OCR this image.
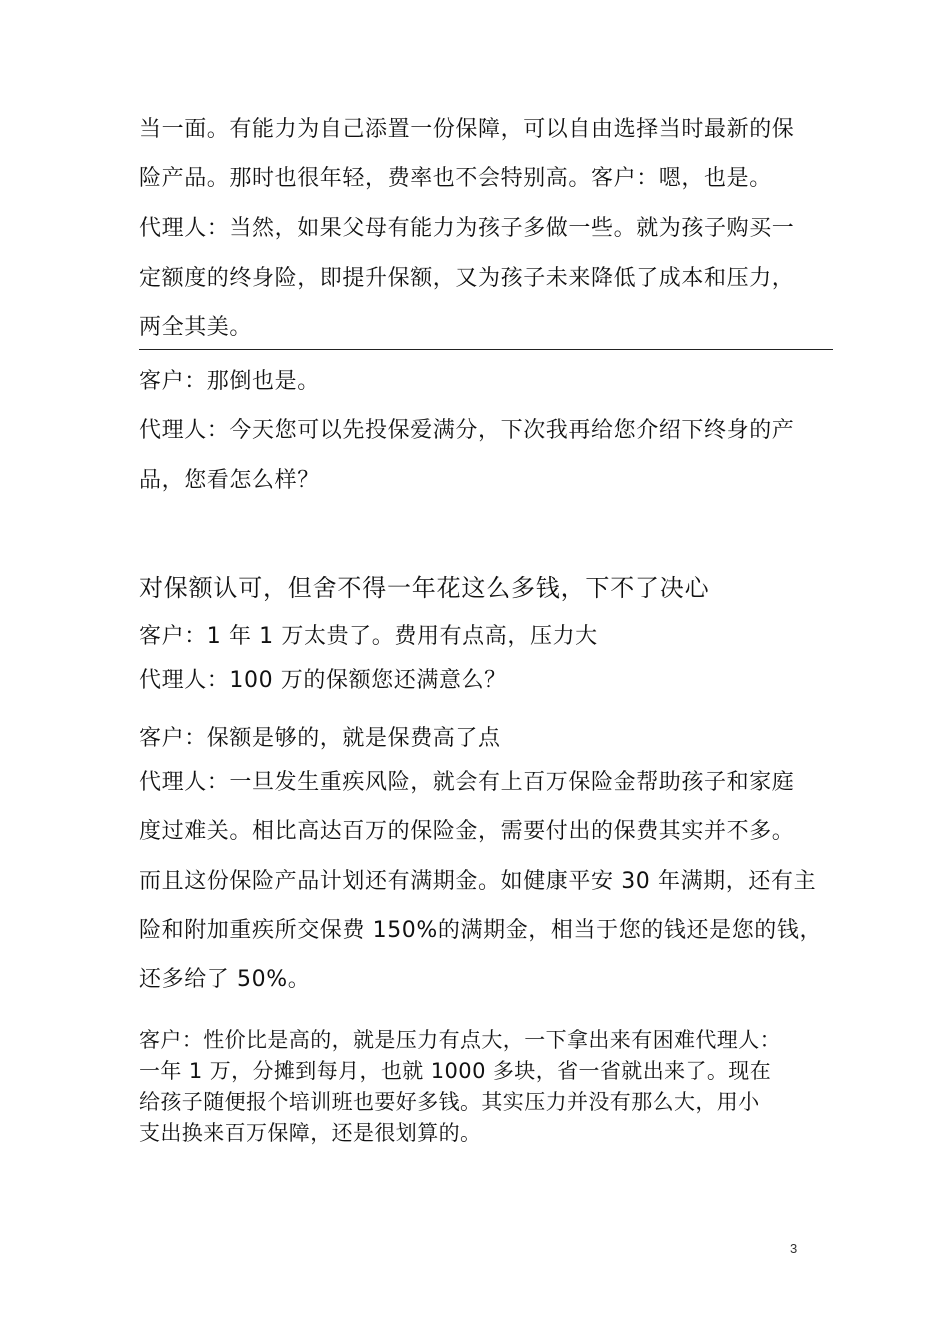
当一面。有能力为自己添置一份保障，可以自由选择当时最新的保
险产品。那时也很年轻，费率也不会特别高。客户：嗯，也是。
代理人：当然，如果父母有能力为孩子多做一些。就为孩子购买一
定额度的终身险，即提升保额，又为孩子未来降低了成本和压力，
两全其美。
客户：那倒也是。
代理人：今天您可以先投保爱满分，下次我再给您介绍下终身的产
品，您看怎么样？
对保额认可，但舍不得一年花这么多钱，下不了决心
客户：1 年 1 万太贵了。费用有点高，压力大
代理人：100 万的保额您还满意么？
客户：保额是够的，就是保费高了点
代理人：一旦发生重疾风险，就会有上百万保险金帮助孩子和家庭
度过难关。相比高达百万的保险金，需要付出的保费其实并不多。
而且这份保险产品计划还有满期金。如健康平安 30 年满期，还有主
险和附加重疾所交保费 150%的满期金，相当于您的钱还是您的钱，
还多给了 50%。
客户：性价比是高的，就是压力有点大，一下拿出来有困难代理人：
一年 1 万，分摊到每月，也就 1000 多块，省一省就出来了。现在
给孩子随便报个培训班也要好多钱。其实压力并没有那么大，用小
支出换来百万保障，还是很划算的。
3
